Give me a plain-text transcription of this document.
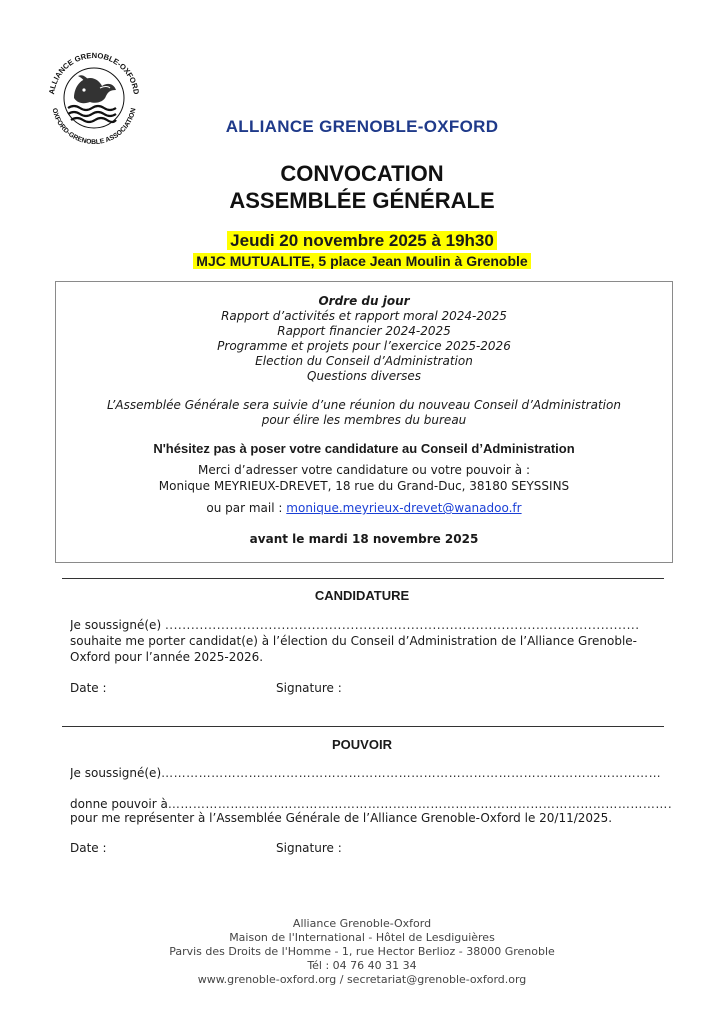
ALLIANCE GRENOBLE-OXFORD
OXFORD-GRENOBLE ASSOCIATION
ALLIANCE GRENOBLE-OXFORD
CONVOCATION
ASSEMBLÉE GÉNÉRALE
Jeudi 20 novembre 2025 à 19h30
MJC MUTUALITE, 5 place Jean Moulin à Grenoble
Ordre du jour
Rapport d’activités et rapport moral 2024-2025
Rapport financier 2024-2025
Programme et projets pour l’exercice 2025-2026
Election du Conseil d’Administration
Questions diverses
L’Assemblée Générale sera suivie d’une réunion du nouveau Conseil d’Administration
pour élire les membres du bureau
N'hésitez pas à poser votre candidature au Conseil d’Administration
Merci d’adresser votre candidature ou votre pouvoir à :
Monique MEYRIEUX-DREVET, 18 rue du Grand-Duc, 38180 SEYSSINS
ou par mail : monique.meyrieux-drevet@wanadoo.fr
avant le mardi 18 novembre 2025
CANDIDATURE
Je soussigné(e) ..............................................................................................................
souhaite me porter candidat(e) à l’élection du Conseil d’Administration de l’Alliance Grenoble-
Oxford pour l’année 2025-2026.
Date :	Signature :
POUVOIR
Je soussigné(e)…………………………………………………………………………………………………………
donne pouvoir à………………………………………………………………………………………………………….
pour me représenter à l’Assemblée Générale de l’Alliance Grenoble-Oxford le 20/11/2025.
Date :	Signature :
Alliance Grenoble-Oxford
Maison de l'International - Hôtel de Lesdiguières
Parvis des Droits de l'Homme - 1, rue Hector Berlioz - 38000 Grenoble
Tél : 04 76 40 31 34
www.grenoble-oxford.org / secretariat@grenoble-oxford.org
